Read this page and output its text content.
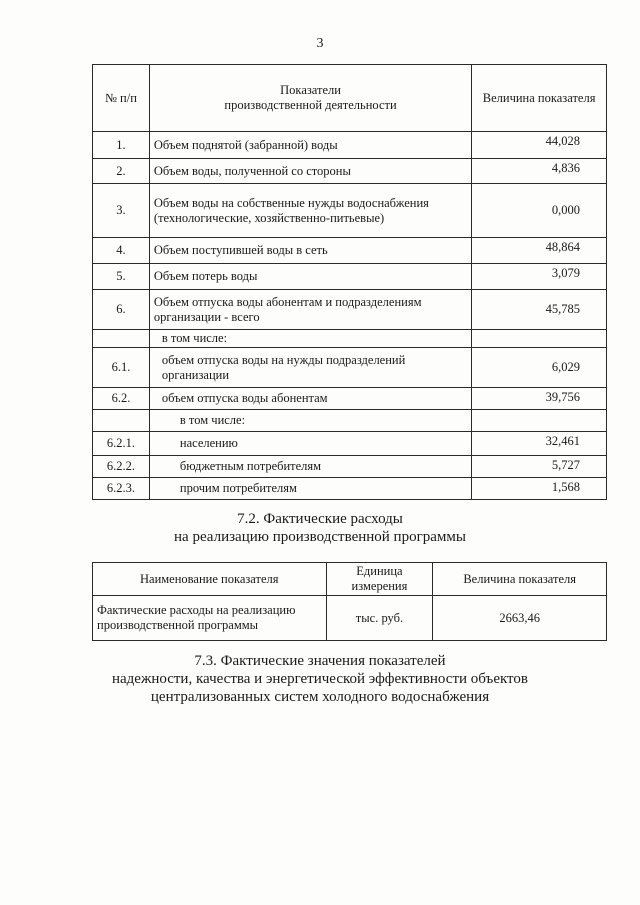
3
№ п/п	Показатели
производственной деятельности	Величина показателя
1.	Объем поднятой (забранной) воды	44,028
2.	Объем воды, полученной со стороны	4,836
3.	Объем воды на собственные нужды водоснабжения
(технологические, хозяйственно-питьевые)	0,000
4.	Объем поступившей воды в сеть	48,864
5.	Объем потерь воды	3,079
6.	Объем отпуска воды абонентам и подразделениям
организации - всего	45,785
	в том числе:	
6.1.	объем отпуска воды на нужды подразделений
организации	6,029
6.2.	объем отпуска воды абонентам	39,756
	в том числе:	
6.2.1.	населению	32,461
6.2.2.	бюджетным потребителям	5,727
6.2.3.	прочим потребителям	1,568
7.2. Фактические расходы
на реализацию производственной программы
Наименование показателя	Единица измерения	Величина показателя
Фактические расходы на реализацию
производственной программы	тыс. руб.	2663,46
7.3. Фактические значения показателей
надежности, качества и энергетической эффективности объектов
централизованных систем холодного водоснабжения
